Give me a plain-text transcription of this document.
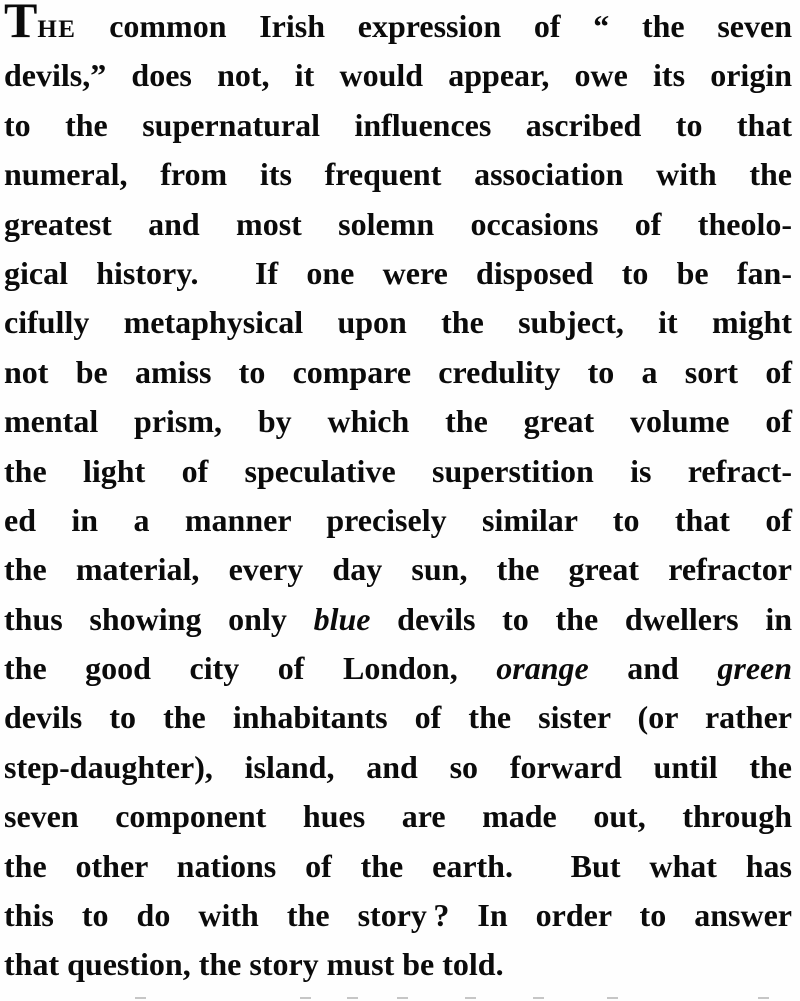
THE common Irish expression of “ the seven
devils,” does not, it would appear, owe its origin
to the supernatural influences ascribed to that
numeral, from its frequent association with the
greatest and most solemn occasions of theolo-
gical history.  If one were disposed to be fan-
cifully metaphysical upon the subject, it might
not be amiss to compare credulity to a sort of
mental prism, by which the great volume of
the light of speculative superstition is refract-
ed in a manner precisely similar to that of
the material, every day sun, the great refractor
thus showing only blue devils to the dwellers in
the good city of London, orange and green
devils to the inhabitants of the sister (or rather
step-daughter), island, and so forward until the
seven component hues are made out, through
the other nations of the earth.  But what has
this to do with the story ? In order to answer
that question, the story must be told.
